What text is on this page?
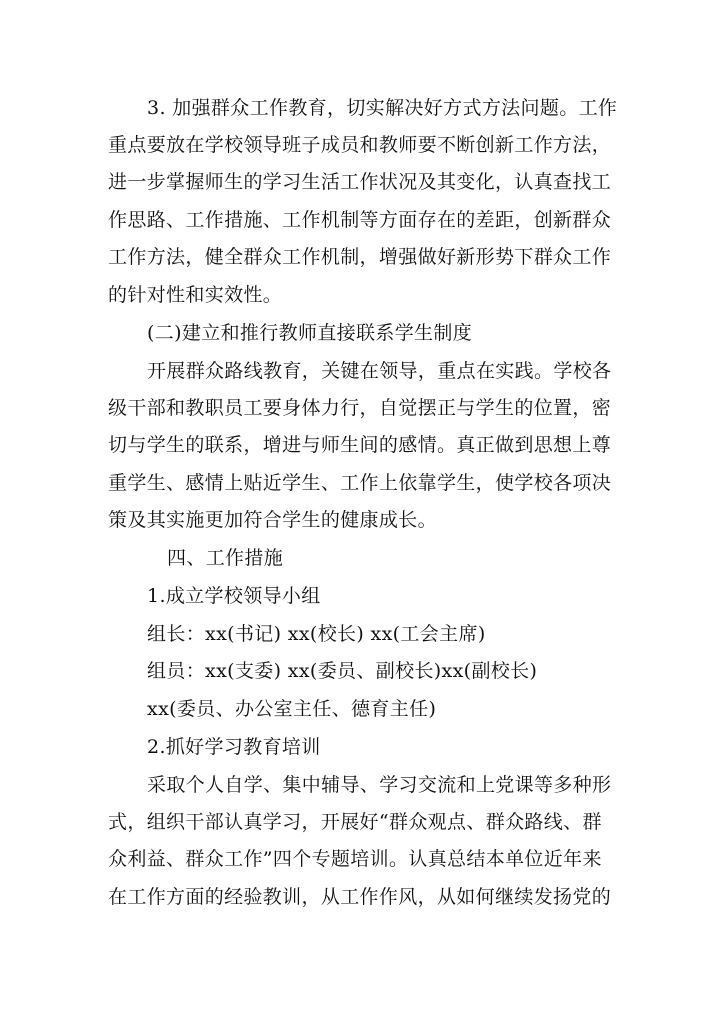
3. 加强群众工作教育，切实解决好方式方法问题。工作
重点要放在学校领导班子成员和教师要不断创新工作方法，
进一步掌握师生的学习生活工作状况及其变化，认真查找工
作思路、工作措施、工作机制等方面存在的差距，创新群众
工作方法，健全群众工作机制，增强做好新形势下群众工作
的针对性和实效性。
(二)建立和推行教师直接联系学生制度
开展群众路线教育，关键在领导，重点在实践。学校各
级干部和教职员工要身体力行，自觉摆正与学生的位置，密
切与学生的联系，增进与师生间的感情。真正做到思想上尊
重学生、感情上贴近学生、工作上依靠学生，使学校各项决
策及其实施更加符合学生的健康成长。
四、工作措施
1.成立学校领导小组
组长：xx(书记) xx(校长) xx(工会主席)
组员：xx(支委) xx(委员、副校长)xx(副校长)
xx(委员、办公室主任、德育主任)
2.抓好学习教育培训
采取个人自学、集中辅导、学习交流和上党课等多种形
式，组织干部认真学习，开展好“群众观点、群众路线、群
众利益、群众工作”四个专题培训。认真总结本单位近年来
在工作方面的经验教训，从工作作风，从如何继续发扬党的
